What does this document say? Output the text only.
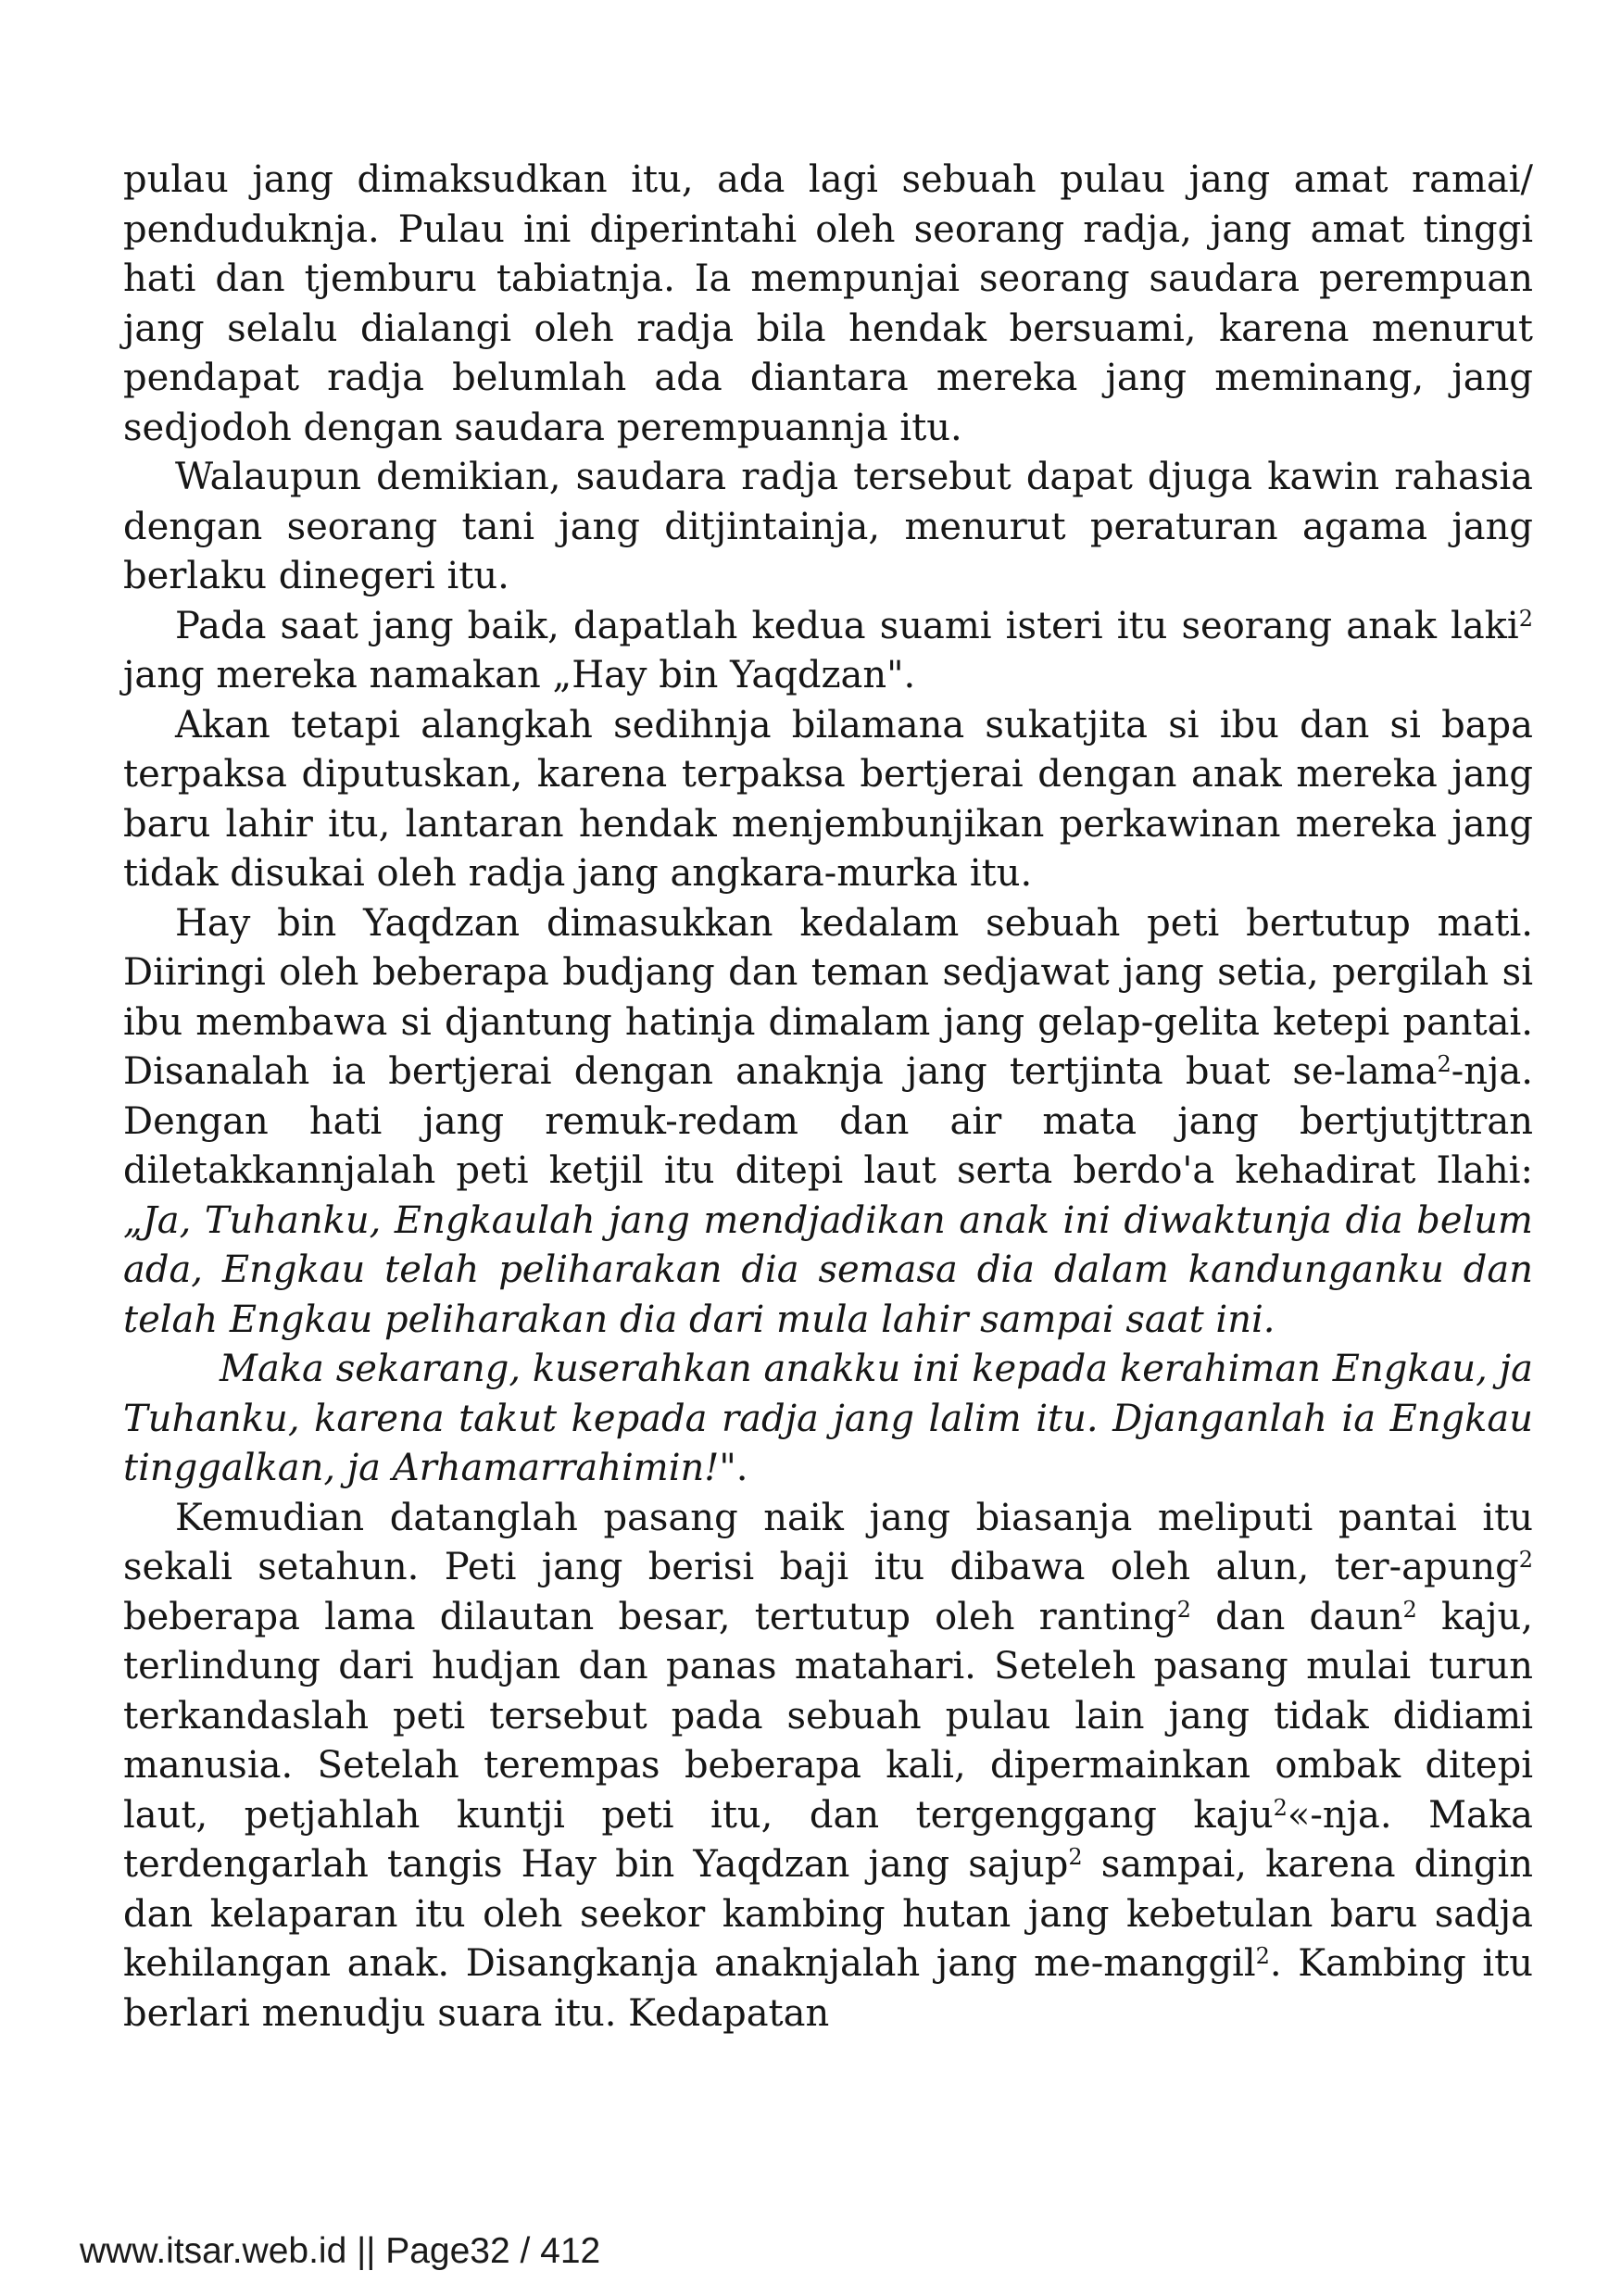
pulau jang dimaksudkan itu, ada lagi sebuah pulau jang amat ramai/ penduduknja. Pulau ini diperintahi oleh seorang radja, jang amat tinggi hati dan tjemburu tabiatnja. Ia mempunjai seorang saudara perempuan jang selalu dialangi oleh radja bila hendak bersuami, karena menurut pendapat radja belumlah ada diantara mereka jang meminang, jang sedjodoh dengan saudara perempuannja itu.

Walaupun demikian, saudara radja tersebut dapat djuga kawin rahasia dengan seorang tani jang ditjintainja, menurut peraturan agama jang berlaku dinegeri itu.

Pada saat jang baik, dapatlah kedua suami isteri itu seorang anak laki$^2$ jang mereka namakan „Hay bin Yaqdzan".

Akan tetapi alangkah sedihnja bilamana sukatjita si ibu dan si bapa terpaksa diputuskan, karena terpaksa bertjerai dengan anak mereka jang baru lahir itu, lantaran hendak menjembunjikan perkawinan mereka jang tidak disukai oleh radja jang angkara-murka itu.

Hay bin Yaqdzan dimasukkan kedalam sebuah peti bertutup mati. Diiringi oleh beberapa budjang dan teman sedjawat jang setia, pergilah si ibu membawa si djantung hatinja dimalam jang gelap-gelita ketepi pantai. Disanalah ia bertjerai dengan anaknja jang tertjinta buat se-lama$^2$-nja. Dengan hati jang remuk-redam dan air mata jang bertjutjttran diletakkannjalah peti ketjil itu ditepi laut serta berdo'a kehadirat Ilahi: „Ja, Tuhanku, Engkaulah jang mendjadikan anak ini diwaktunja dia belum ada, Engkau telah peliharakan dia semasa dia dalam kandunganku dan telah Engkau peliharakan dia dari mula lahir sampai saat ini.

Maka sekarang, kuserahkan anakku ini kepada kerahiman Engkau, ja Tuhanku, karena takut kepada radja jang lalim itu. Djanganlah ia Engkau tinggalkan, ja Arhamarrahimin!".

Kemudian datanglah pasang naik jang biasanja meliputi pantai itu sekali setahun. Peti jang berisi baji itu dibawa oleh alun, ter-apung$^2$ beberapa lama dilautan besar, tertutup oleh ranting$^2$ dan daun$^2$ kaju, terlindung dari hudjan dan panas matahari. Seteleh pasang mulai turun terkandaslah peti tersebut pada sebuah pulau lain jang tidak didiami manusia. Setelah terempas beberapa kali, dipermainkan ombak ditepi laut, petjahlah kuntji peti itu, dan tergenggang kaju$^2$«-nja. Maka terdengarlah tangis Hay bin Yaqdzan jang sajup$^2$ sampai, karena dingin dan kelaparan itu oleh seekor kambing hutan jang kebetulan baru sadja kehilangan anak. Disangkanja anaknjalah jang me-manggil$^2$. Kambing itu berlari menudju suara itu. Kedapatan

www.itsar.web.id || Page32 / 412
